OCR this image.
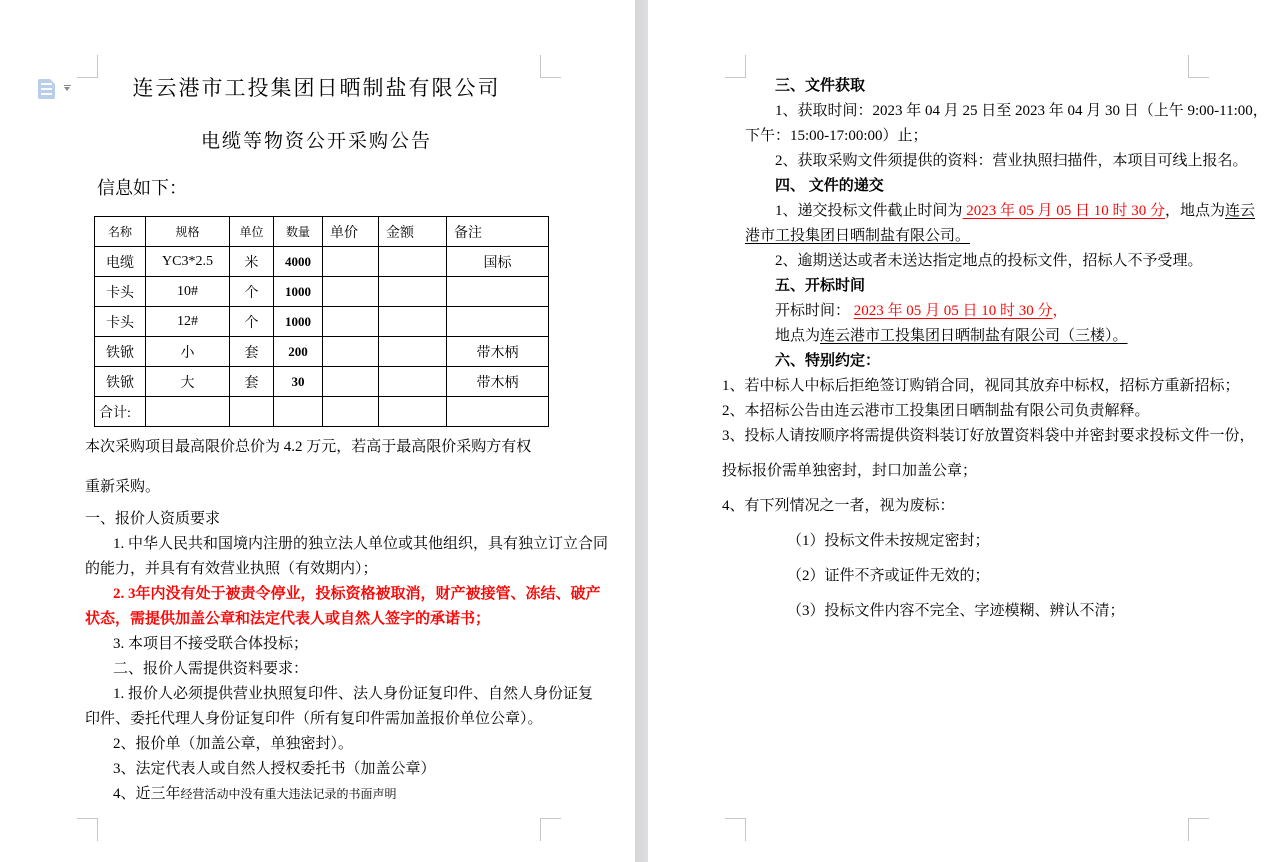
连云港市工投集团日晒制盐有限公司
电缆等物资公开采购公告
信息如下：
名称	规格	单位	数量	单价	金额	备注
电缆	YC3*2.5	米	4000			国标
卡头	10#	个	1000			
卡头	12#	个	1000			
铁锨	小	套	200			带木柄
铁锨	大	套	30			带木柄
合计:						
本次采购项目最高限价总价为 4.2 万元，若高于最高限价采购方有权
重新采购。
一、报价人资质要求
1. 中华人民共和国境内注册的独立法人单位或其他组织，具有独立订立合同
的能力，并具有有效营业执照（有效期内）；
2. 3年内没有处于被责令停业，投标资格被取消，财产被接管、冻结、破产
状态，需提供加盖公章和法定代表人或自然人签字的承诺书；
3. 本项目不接受联合体投标；
二、报价人需提供资料要求：
1. 报价人必须提供营业执照复印件、法人身份证复印件、自然人身份证复
印件、委托代理人身份证复印件（所有复印件需加盖报价单位公章）。
2、报价单（加盖公章，单独密封）。
3、法定代表人或自然人授权委托书（加盖公章）
4、近三年经营活动中没有重大违法记录的书面声明
三、文件获取
1、获取时间：2023 年 04 月 25 日至 2023 年 04 月 30 日（上午 9:00-11:00，
下午：15:00-17:00:00）止；
2、获取采购文件须提供的资料：营业执照扫描件，本项目可线上报名。
四、 文件的递交
1、递交投标文件截止时间为 2023 年 05 月 05 日 10 时 30 分，地点为连云
港市工投集团日晒制盐有限公司。
2、逾期送达或者未送达指定地点的投标文件，招标人不予受理。
五、开标时间
开标时间： 2023 年 05 月 05 日 10 时 30 分，
地点为连云港市工投集团日晒制盐有限公司（三楼）。
六、特别约定：
1、若中标人中标后拒绝签订购销合同，视同其放弃中标权，招标方重新招标；
2、本招标公告由连云港市工投集团日晒制盐有限公司负责解释。
3、投标人请按顺序将需提供资料装订好放置资料袋中并密封要求投标文件一份，
投标报价需单独密封，封口加盖公章；
4、有下列情况之一者，视为废标：
（1）投标文件未按规定密封；
（2）证件不齐或证件无效的；
（3）投标文件内容不完全、字迹模糊、辨认不清；
